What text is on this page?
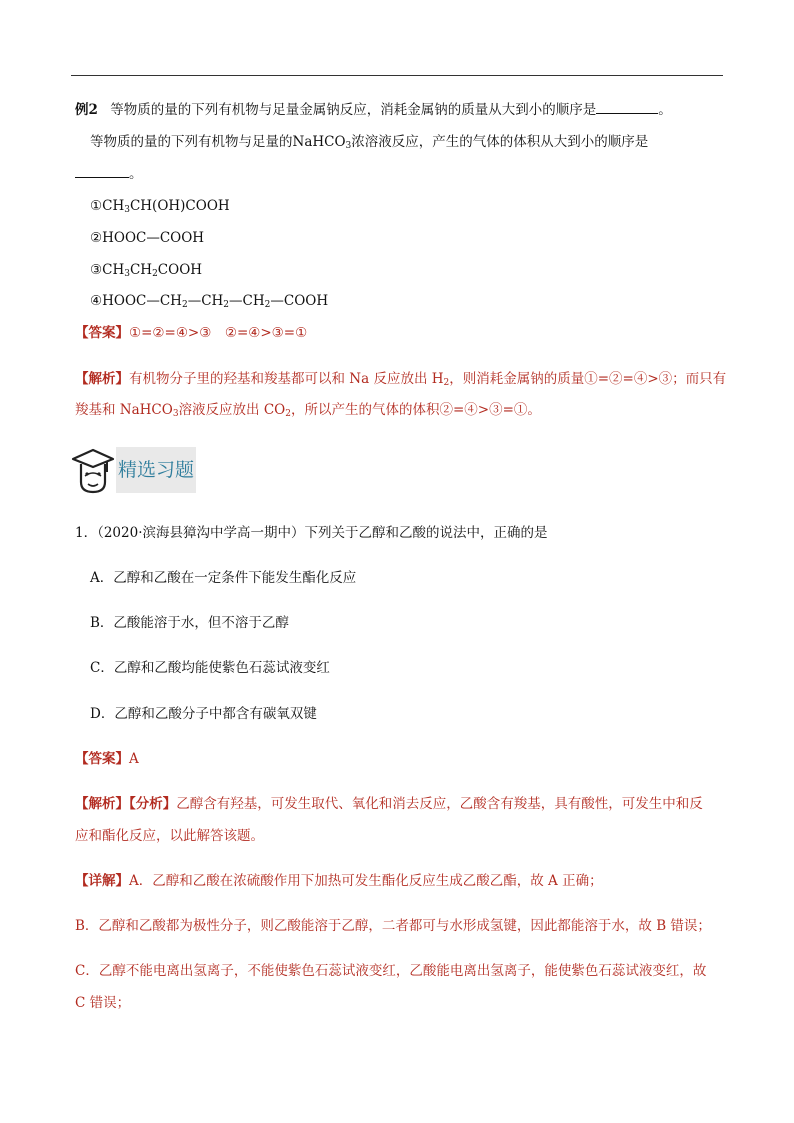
例2 等物质的量的下列有机物与足量金属钠反应，消耗金属钠的质量从大到小的顺序是	。
等物质的量的下列有机物与足量的NaHCO$_3$浓溶液反应，产生的气体的体积从大到小的顺序是
。
$①CH_3CH(OH)COOH$
②HOOC—COOH
$③CH_3CH_2COOH$
$④HOOC—CH_2—CH_2—CH_2—COOH$
【答案】①=②=④>③　②=④>③=①
【解析】有机物分子里的羟基和羧基都可以和 Na 反应放出 $H_2$，则消耗金属钠的质量①=②=④>③；而只有
羧基和 NaHCO$_3$溶液反应放出 $CO_2$，所以产生的气体的体积②=④>③=①。
精选习题
1．（2020·滨海县獐沟中学高一期中）下列关于乙醇和乙酸的说法中，正确的是
A．乙醇和乙酸在一定条件下能发生酯化反应
B．乙酸能溶于水，但不溶于乙醇
C．乙醇和乙酸均能使紫色石蕊试液变红
D．乙醇和乙酸分子中都含有碳氧双键
【答案】A
【解析】【分析】乙醇含有羟基，可发生取代、氧化和消去反应，乙酸含有羧基，具有酸性，可发生中和反
应和酯化反应，以此解答该题。
【详解】A．乙醇和乙酸在浓硫酸作用下加热可发生酯化反应生成乙酸乙酯，故 A 正确；
B．乙醇和乙酸都为极性分子，则乙酸能溶于乙醇，二者都可与水形成氢键，因此都能溶于水，故 B 错误；
C．乙醇不能电离出氢离子，不能使紫色石蕊试液变红，乙酸能电离出氢离子，能使紫色石蕊试液变红，故
C 错误；
